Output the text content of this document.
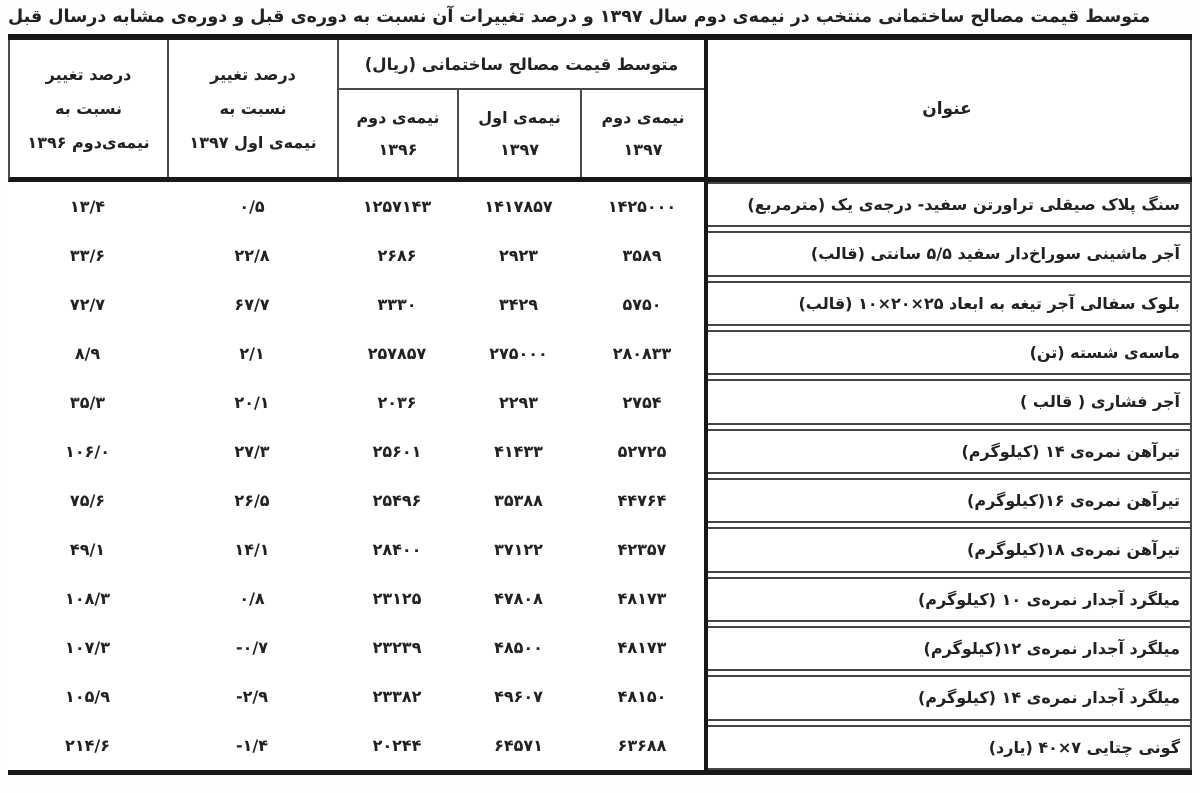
متوسط قیمت مصالح ساختمانی منتخب در نیمه‌ی دوم سال ۱۳۹۷ و درصد تغییرات آن نسبت به دوره‌ی قبل و دوره‌ی مشابه درسال قبل
عنوان
متوسط قیمت مصالح ساختمانی (ریال)
نیمه‌ی دوم
۱۳۹۷
نیمه‌ی اول
۱۳۹۷
نیمه‌ی دوم
۱۳۹۶
درصد تغییر
نسبت به
نیمه‌ی اول ۱۳۹۷
درصد تغییر
نسبت به
نیمه‌ی‌دوم ۱۳۹۶
سنگ پلاک صیقلی تراورتن سفید- درجه‌ی یک (مترمربع)
آجر ماشینی سوراخ‌دار سفید ۵/۵ سانتی (قالب)
بلوک سفالی آجر تیغه به ابعاد ۲۵×۲۰×۱۰ (قالب)
ماسه‌ی شسته (تن)
آجر فشاری ( قالب )
تیرآهن نمره‌ی ۱۴ (کیلوگرم)
تیرآهن نمره‌ی ۱۶(کیلوگرم)
تیرآهن نمره‌ی ۱۸(کیلوگرم)
میلگرد آجدار نمره‌ی ۱۰ (کیلوگرم)
میلگرد آجدار نمره‌ی ۱۲(کیلوگرم)
میلگرد آجدار نمره‌ی ۱۴ (کیلوگرم)
گونی چتایی ۷×۴۰ (یارد)
۱۴۲۵۰۰۰
۱۴۱۷۸۵۷
۱۲۵۷۱۴۳
۰/۵
۱۳/۴
۳۵۸۹
۲۹۲۳
۲۶۸۶
۲۲/۸
۳۳/۶
۵۷۵۰
۳۴۲۹
۳۳۳۰
۶۷/۷
۷۲/۷
۲۸۰۸۳۳
۲۷۵۰۰۰
۲۵۷۸۵۷
۲/۱
۸/۹
۲۷۵۴
۲۲۹۳
۲۰۳۶
۲۰/۱
۳۵/۳
۵۲۷۲۵
۴۱۴۳۳
۲۵۶۰۱
۲۷/۳
۱۰۶/۰
۴۴۷۶۴
۳۵۳۸۸
۲۵۴۹۶
۲۶/۵
۷۵/۶
۴۲۳۵۷
۳۷۱۲۲
۲۸۴۰۰
۱۴/۱
۴۹/۱
۴۸۱۷۳
۴۷۸۰۸
۲۳۱۲۵
۰/۸
۱۰۸/۳
۴۸۱۷۳
۴۸۵۰۰
۲۳۲۳۹
-۰/۷
۱۰۷/۳
۴۸۱۵۰
۴۹۶۰۷
۲۳۳۸۲
-۲/۹
۱۰۵/۹
۶۳۶۸۸
۶۴۵۷۱
۲۰۲۴۴
-۱/۴
۲۱۴/۶
